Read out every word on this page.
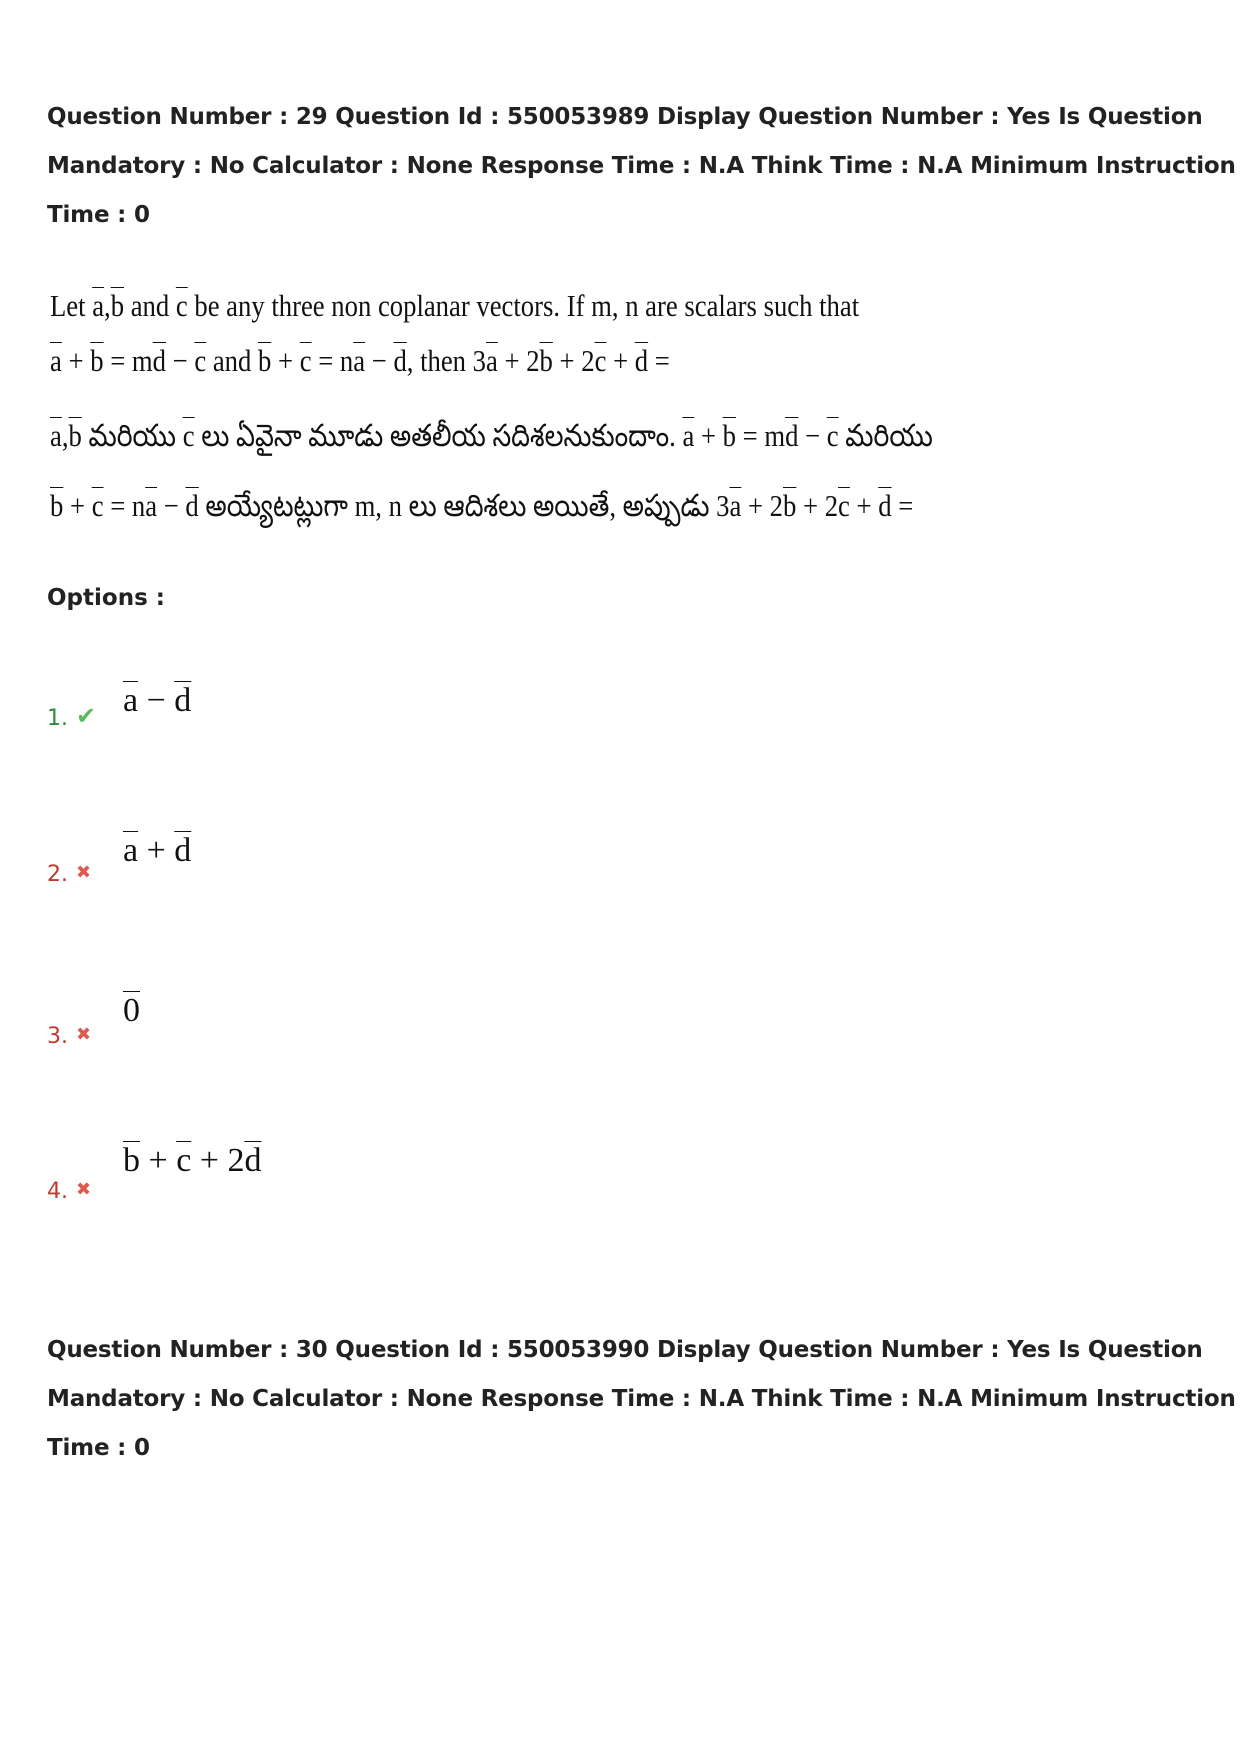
Question Number : 29 Question Id : 550053989 Display Question Number : Yes Is Question
Mandatory : No Calculator : None Response Time : N.A Think Time : N.A Minimum Instruction
Time : 0
Let $\overline{a},\overline{b}$ and $\overline{c}$ be any three non coplanar vectors. If m, n are scalars such that
$\overline{a} + \overline{b} = m\overline{d} - \overline{c}$ and $\overline{b} + \overline{c} = n\overline{a} - \overline{d}$, then $3\overline{a} + 2\overline{b} + 2\overline{c} + \overline{d}$ =
$\overline{a},\overline{b}$ మరియు $\overline{c}$ లు ఏవైనా మూడు అతలీయ సదిశలనుకుందాం. $\overline{a} + \overline{b} = m\overline{d} - \overline{c}$ మరియు
$\overline{b} + \overline{c} = n\overline{a} - \overline{d}$ అయ్యేటట్లుగా m, n లు ఆదిశలు అయితే, అప్పుడు $3\overline{a} + 2\overline{b} + 2\overline{c} + \overline{d}$ =
Options :
1. ✔ $\overline{a} - \overline{d}$
2. ✖
$\overline{a} + \overline{d}$
3. ✖
0
4. ✖
$\overline{b} + \overline{c} + 2\overline{d}$
Question Number : 30 Question Id : 550053990 Display Question Number : Yes Is Question
Mandatory : No Calculator : None Response Time : N.A Think Time : N.A Minimum Instruction
Time : 0
